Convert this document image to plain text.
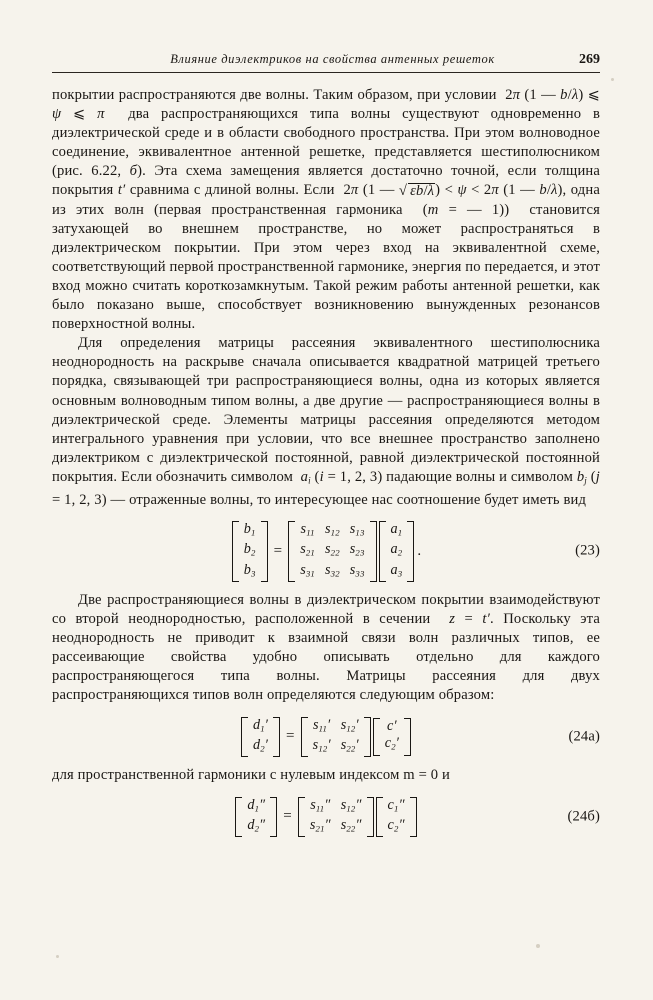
Влияние диэлектриков на свойства антенных решеток	269

покрытии распространяются две волны. Таким образом, при условии  2π (1 — b/λ) ⩽ ψ ⩽ π  два распространяющихся типа волны существуют одновременно в диэлектрической среде и в области свободного пространства. При этом волноводное соединение, эквивалентное антенной решетке, представляется шестиполюсником (рис. 6.22, б). Эта схема замещения является достаточно точной, если толщина покрытия t′ сравнима с длиной волны. Если  2π (1 — √ εb/λ) < ψ < 2π (1 — b/λ), одна из этих волн (первая пространственная гармоника  (m = — 1))  становится затухающей во внешнем пространстве, но может распространяться в диэлектрическом покрытии. При этом через вход на эквивалентной схеме, соответствующий первой пространственной гармонике, энергия по передается, и этот вход можно считать короткозамкнутым. Такой режим работы антенной решетки, как было показано выше, способствует возникновению вынужденных резонансов поверхностной волны.

Для определения матрицы рассеяния эквивалентного шестиполюсника неоднородность на раскрыве сначала описывается квадратной матрицей третьего порядка, связывающей три распространяющиеся волны, одна из которых является основным волноводным типом волны, а две другие — распространяющиеся волны в диэлектрической среде. Элементы матрицы рассеяния определяются методом интегрального уравнения при условии, что все внешнее пространство заполнено диэлектриком с диэлектрической постоянной, равной диэлектрической постоянной покрытия. Если обозначить символом  $a_i$ (i = 1, 2, 3) падающие волны и символом $b_j$ (j = 1, 2, 3) — отраженные волны, то интересующее нас соотношение будет иметь вид

$b_1$
$b_2$
$b_3$
=
$s_{11}$	$s_{12}$	$s_{13}$
$s_{21}$	$s_{22}$	$s_{23}$
$s_{31}$	$s_{32}$	$s_{33}$
$a_1$
$a_2$
$a_3$
.	(23)

Две распространяющиеся волны в диэлектрическом покрытии взаимодействуют со второй неоднородностью, расположенной в сечении  z = t′. Поскольку эта неоднородность не приводит к взаимной связи волн различных типов, ее рассеивающие свойства удобно описывать отдельно для каждого распространяющегося типа волны. Матрицы рассеяния для двух распространяющихся типов волн определяются следующим образом:

$d_1'$
$d_2'$
=
$s_{11}'$	$s_{12}'$
$s_{12}'$	$s_{22}'$
c′
$c_2'$	(24а)

для пространственной гармоники с нулевым индексом m = 0 и

$d_1''$
$d_2''$
=
$s_{11}''$	$s_{12}''$
$s_{21}''$	$s_{22}''$
$c_1''$
$c_2''$
(24б)
